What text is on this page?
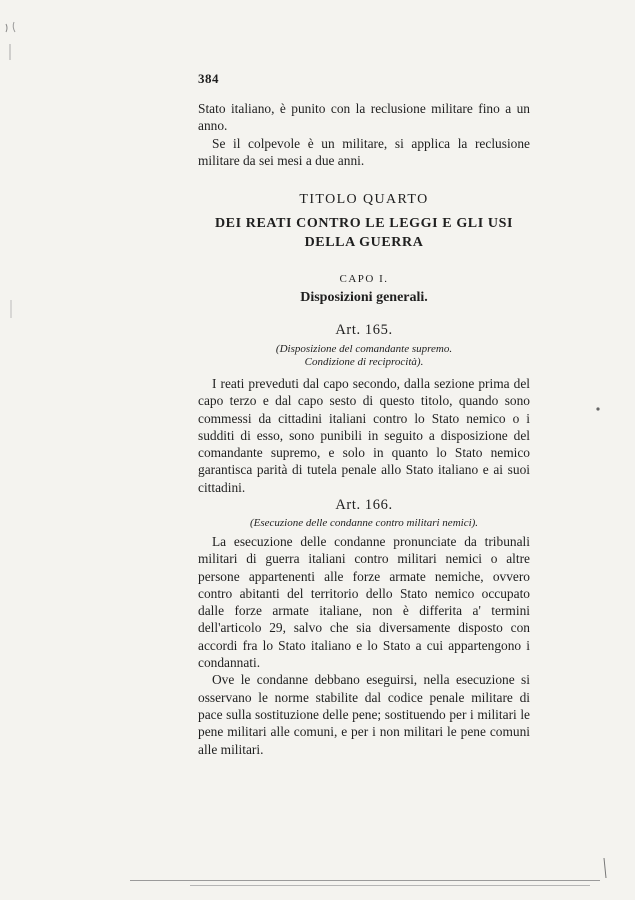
384

Stato italiano, è punito con la reclusione militare fino a un anno.

Se il colpevole è un militare, si applica la reclusione militare da sei mesi a due anni.

TITOLO QUARTO
DEI REATI CONTRO LE LEGGI E GLI USI
DELLA GUERRA
CAPO I.
Disposizioni generali.
Art. 165.
(Disposizione del comandante supremo.
Condizione di reciprocità).

I reati preveduti dal capo secondo, dalla sezione prima del capo terzo e dal capo sesto di questo titolo, quando sono commessi da cittadini italiani contro lo Stato nemico o i sudditi di esso, sono punibili in seguito a disposizione del comandante supremo, e solo in quanto lo Stato nemico garantisca parità di tutela penale allo Stato italiano e ai suoi cittadini.

Art. 166.
(Esecuzione delle condanne contro militari nemici).

La esecuzione delle condanne pronunciate da tribunali militari di guerra italiani contro militari nemici o altre persone appartenenti alle forze armate nemiche, ovvero contro abitanti del territorio dello Stato nemico occupato dalle forze armate italiane, non è differita a' termini dell'articolo 29, salvo che sia diversamente disposto con accordi fra lo Stato italiano e lo Stato a cui appartengono i condannati.

Ove le condanne debbano eseguirsi, nella esecuzione si osservano le norme stabilite dal codice penale militare di pace sulla sostituzione delle pene; sostituendo per i militari le pene militari alle comuni, e per i non militari le pene comuni alle militari.
